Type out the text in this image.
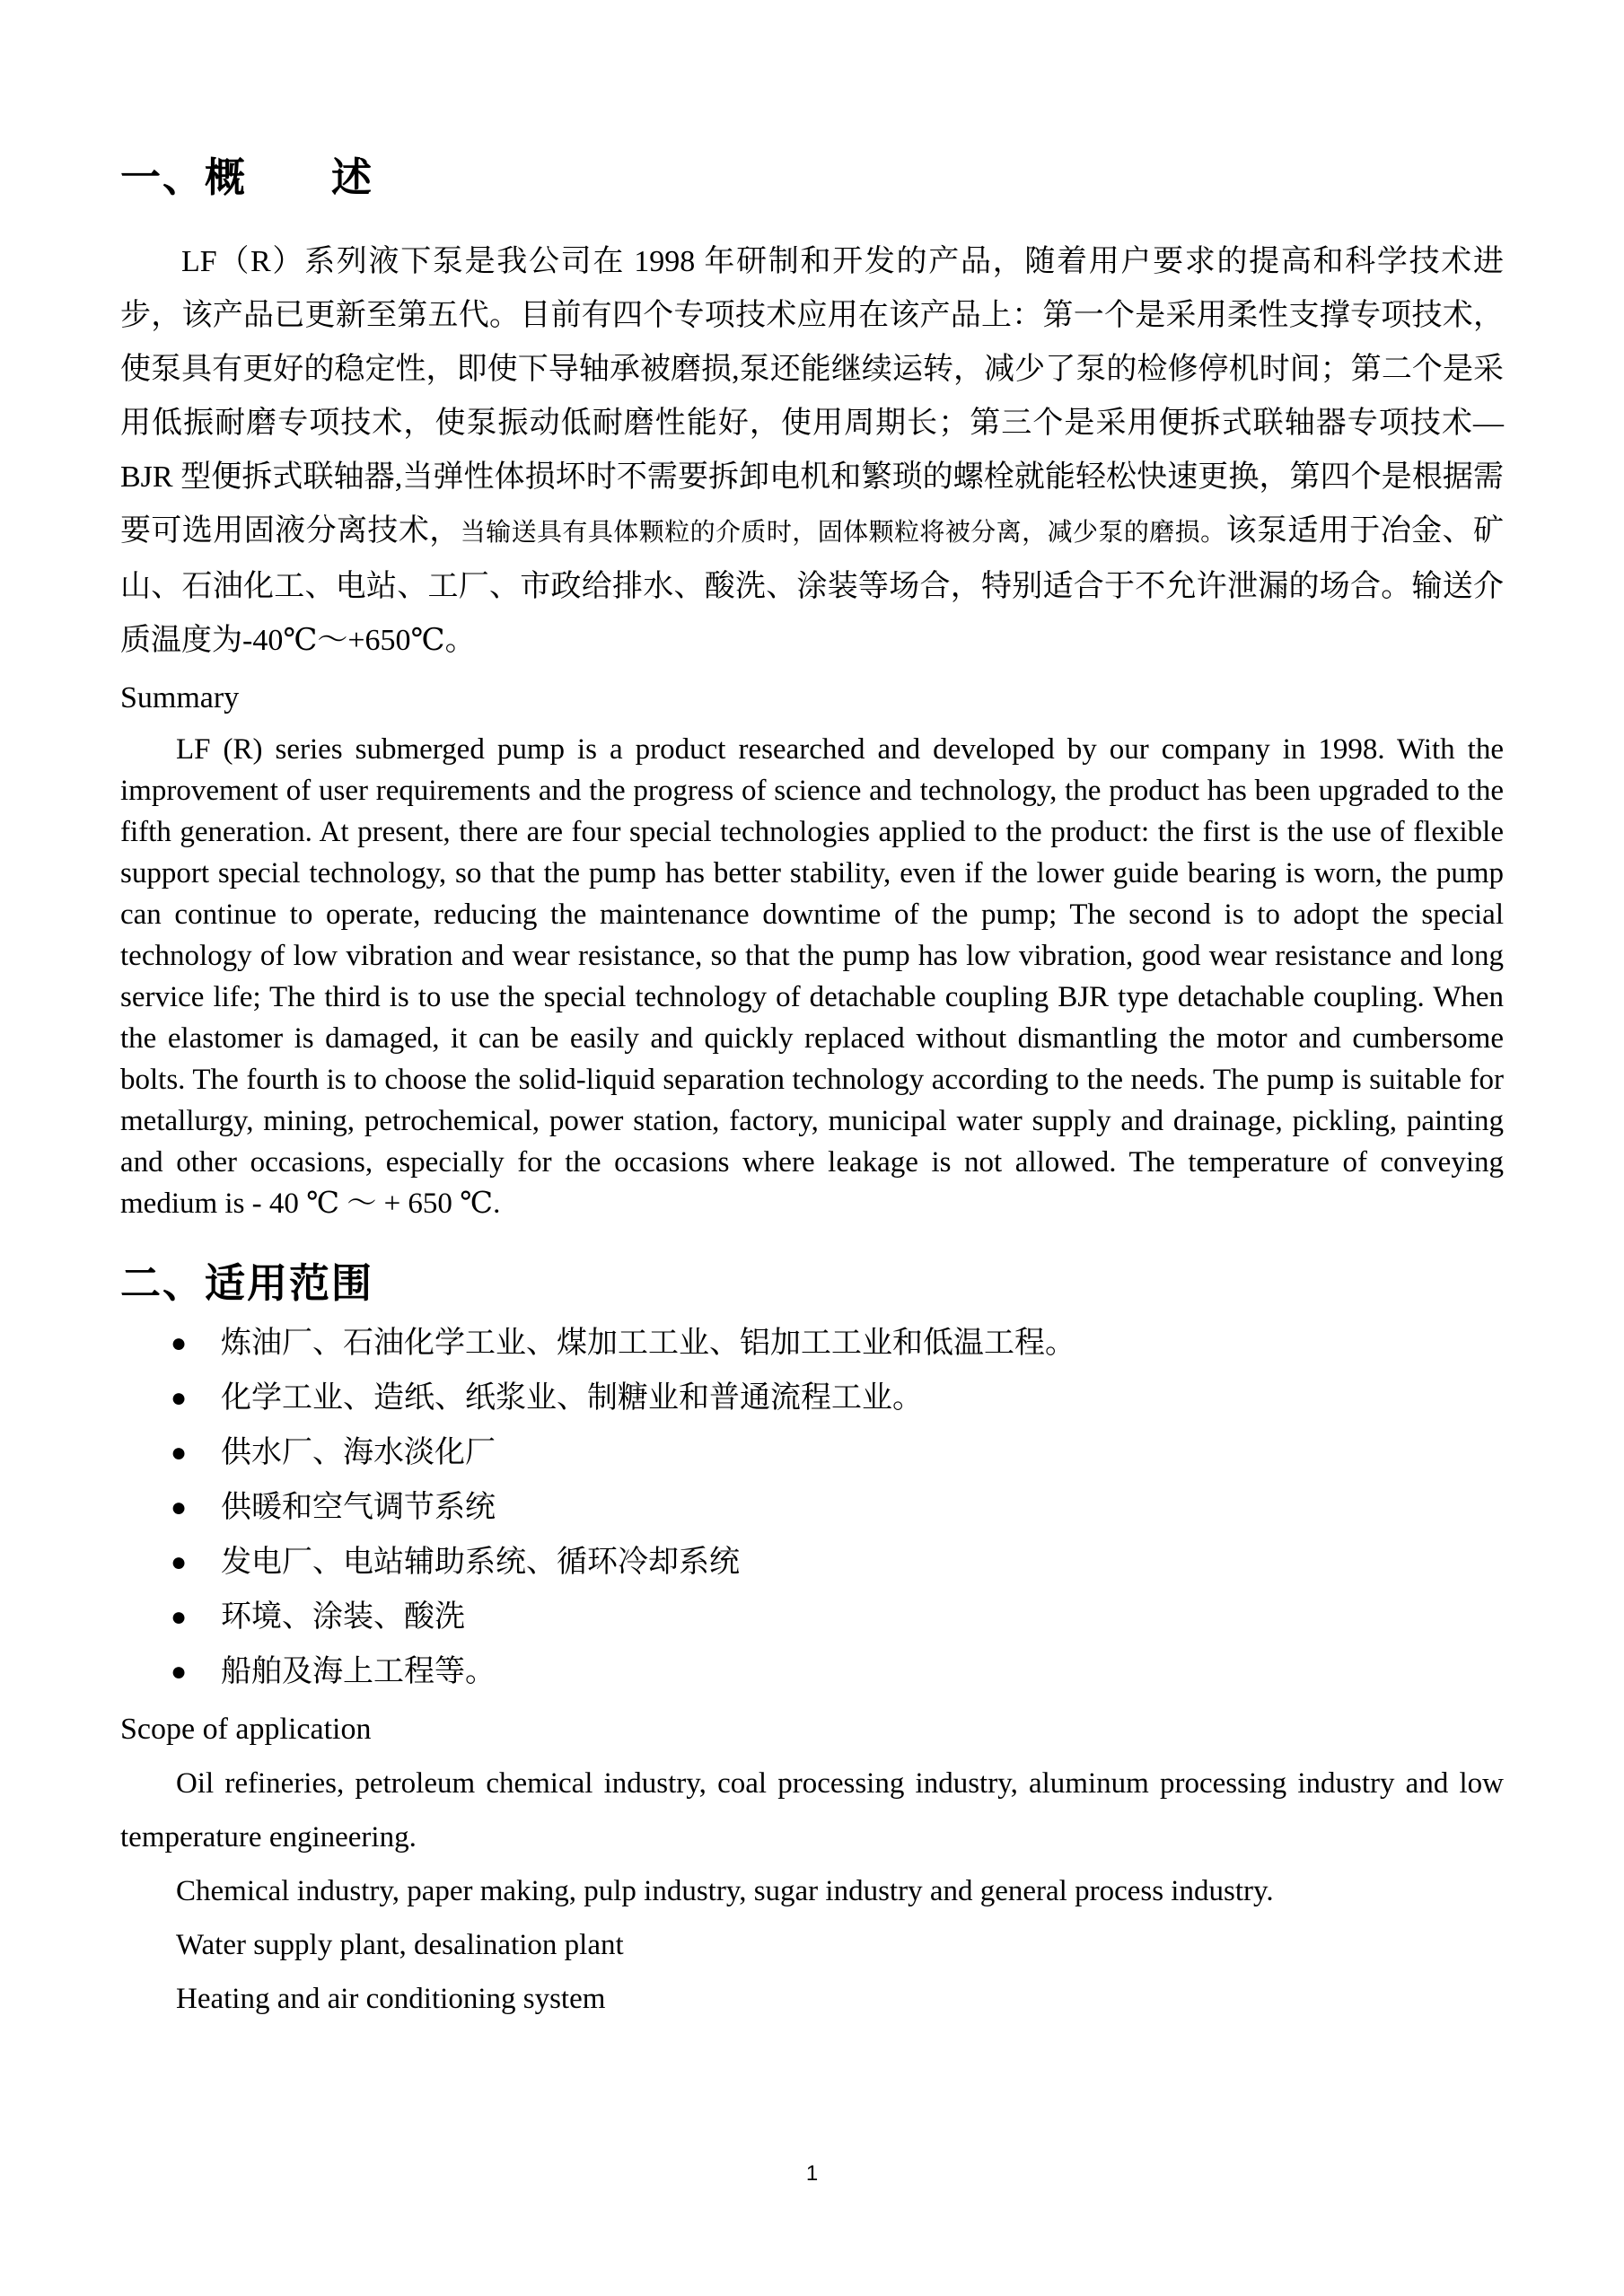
一、概　　述

LF（R）系列液下泵是我公司在 1998 年研制和开发的产品，随着用户要求的提高和科学技术进步，该产品已更新至第五代。目前有四个专项技术应用在该产品上：第一个是采用柔性支撑专项技术，使泵具有更好的稳定性，即使下导轴承被磨损,泵还能继续运转，减少了泵的检修停机时间；第二个是采用低振耐磨专项技术，使泵振动低耐磨性能好，使用周期长；第三个是采用便拆式联轴器专项技术—BJR 型便拆式联轴器,当弹性体损坏时不需要拆卸电机和繁琐的螺栓就能轻松快速更换，第四个是根据需要可选用固液分离技术，当输送具有具体颗粒的介质时，固体颗粒将被分离，减少泵的磨损。该泵适用于冶金、矿山、石油化工、电站、工厂、市政给排水、酸洗、涂装等场合，特别适合于不允许泄漏的场合。输送介质温度为-40℃～+650℃。

Summary

LF (R) series submerged pump is a product researched and developed by our company in 1998. With the improvement of user requirements and the progress of science and technology, the product has been upgraded to the fifth generation. At present, there are four special technologies applied to the product: the first is the use of flexible support special technology, so that the pump has better stability, even if the lower guide bearing is worn, the pump can continue to operate, reducing the maintenance downtime of the pump; The second is to adopt the special technology of low vibration and wear resistance, so that the pump has low vibration, good wear resistance and long service life; The third is to use the special technology of detachable coupling BJR type detachable coupling. When the elastomer is damaged, it can be easily and quickly replaced without dismantling the motor and cumbersome bolts. The fourth is to choose the solid-liquid separation technology according to the needs. The pump is suitable for metallurgy, mining, petrochemical, power station, factory, municipal water supply and drainage, pickling, painting and other occasions, especially for the occasions where leakage is not allowed. The temperature of conveying medium is - 40 ℃ ～ + 650 ℃.

二、适用范围
● 炼油厂、石油化学工业、煤加工工业、铝加工工业和低温工程。
● 化学工业、造纸、纸浆业、制糖业和普通流程工业。
● 供水厂、海水淡化厂
● 供暖和空气调节系统
● 发电厂、电站辅助系统、循环冷却系统
● 环境、涂装、酸洗
● 船舶及海上工程等。

Scope of application

Oil refineries, petroleum chemical industry, coal processing industry, aluminum processing industry and low temperature engineering.

Chemical industry, paper making, pulp industry, sugar industry and general process industry.

Water supply plant, desalination plant

Heating and air conditioning system

1
